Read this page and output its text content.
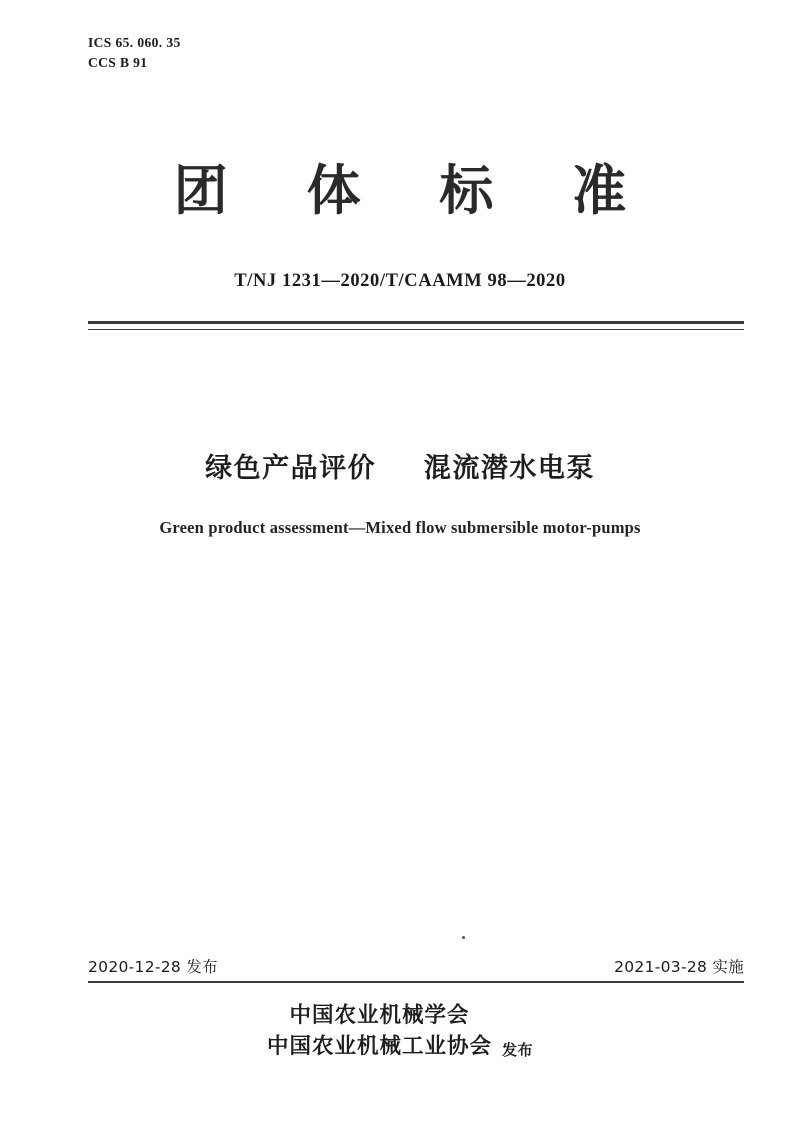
ICS 65. 060. 35
CCS B 91
团 体 标 准
T/NJ 1231—2020/T/CAAMM 98—2020
绿色产品评价 混流潜水电泵
Green product assessment—Mixed flow submersible motor-pumps
2020-12-28 发布	2021-03-28 实施
中国农业机械学会
中国农业机械工业协会 发布
